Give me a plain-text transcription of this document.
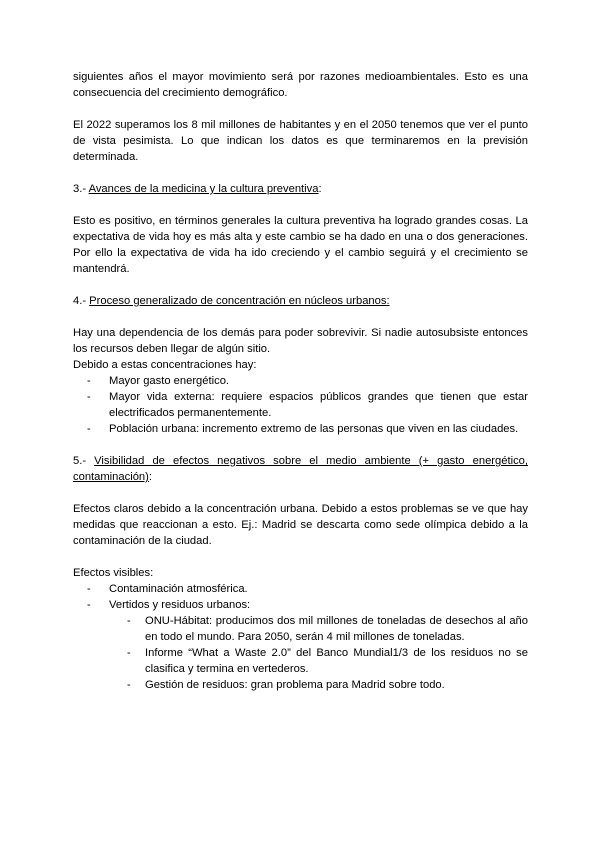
siguientes años el mayor movimiento será por razones medioambientales. Esto es una consecuencia del crecimiento demográfico.

El 2022 superamos los 8 mil millones de habitantes y en el 2050 tenemos que ver el punto de vista pesimista. Lo que indican los datos es que terminaremos en la previsión determinada.

3.- Avances de la medicina y la cultura preventiva:

Esto es positivo, en términos generales la cultura preventiva ha logrado grandes cosas. La expectativa de vida hoy es más alta y este cambio se ha dado en una o dos generaciones. Por ello la expectativa de vida ha ido creciendo y el cambio seguirá y el crecimiento se mantendrá.

4.- Proceso generalizado de concentración en núcleos urbanos:

Hay una dependencia de los demás para poder sobrevivir. Si nadie autosubsiste entonces los recursos deben llegar de algún sitio.

Debido a estas concentraciones hay:

- Mayor gasto energético.
- Mayor vida externa: requiere espacios públicos grandes que tienen que estar electrificados permanentemente.
- Población urbana: incremento extremo de las personas que viven en las ciudades.

5.- Visibilidad de efectos negativos sobre el medio ambiente (+ gasto energético, contaminación):

Efectos claros debido a la concentración urbana. Debido a estos problemas se ve que hay medidas que reaccionan a esto. Ej.: Madrid se descarta como sede olímpica debido a la contaminación de la ciudad.

Efectos visibles:

- Contaminación atmosférica.
- Vertidos y residuos urbanos:
- ONU-Hábitat: producimos dos mil millones de toneladas de desechos al año en todo el mundo. Para 2050, serán 4 mil millones de toneladas.
- Informe “What a Waste 2.0” del Banco Mundial1/3 de los residuos no se clasifica y termina en vertederos.
- Gestión de residuos: gran problema para Madrid sobre todo.
